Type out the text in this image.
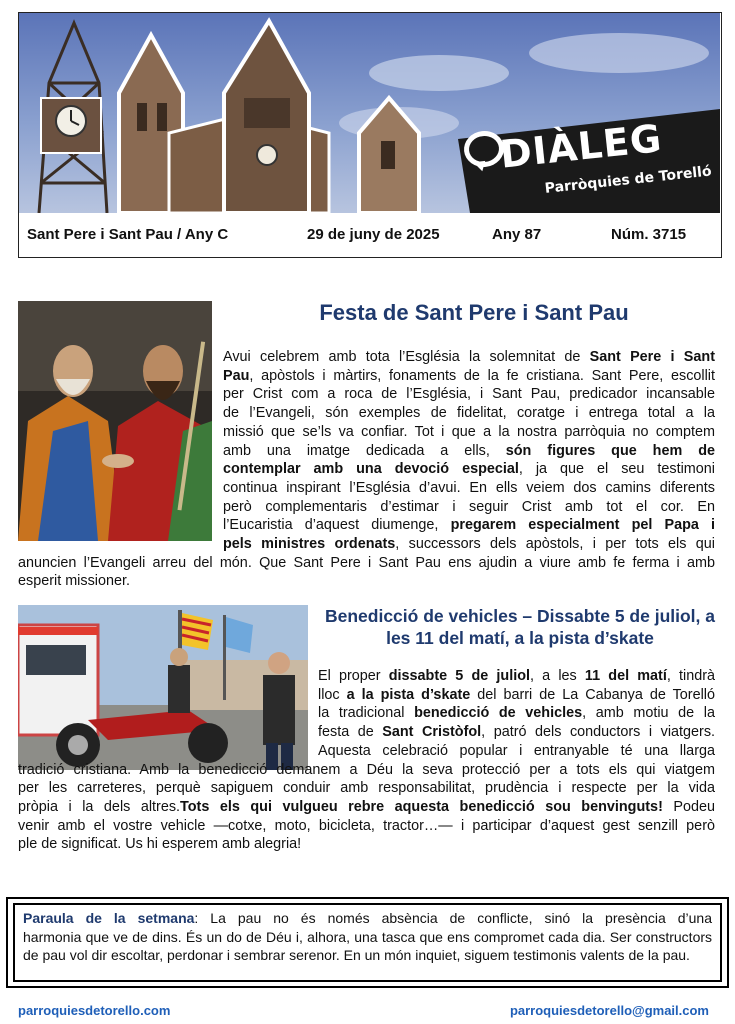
DIÀLEG
Parròquies de Torelló
Sant Pere i Sant Pau / Any C	29 de juny de 2025	Any 87	Núm. 3715
Festa de Sant Pere i Sant Pau
Avui celebrem amb tota l’Església la solemnitat de Sant Pere i Sant
Pau, apòstols i màrtirs, fonaments de la fe cristiana. Sant Pere, escollit
per Crist com a roca de l’Església, i Sant Pau, predicador incansable
de l’Evangeli, són exemples de fidelitat, coratge i entrega total a la
missió que se’ls va confiar. Tot i que a la nostra parròquia no comptem
amb una imatge dedicada a ells, són figures que hem de
contemplar amb una devoció especial, ja que el seu testimoni
continua inspirant l’Església d’avui. En ells veiem dos camins diferents
però complementaris d’estimar i seguir Crist amb tot el cor. En
l’Eucaristia d’aquest diumenge, pregarem especialment pel Papa i
pels ministres ordenats, successors dels apòstols, i per tots els qui
anuncien l’Evangeli arreu del món. Que Sant Pere i Sant Pau ens ajudin a viure amb fe ferma i amb
esperit missioner.
Benedicció de vehicles – Dissabte 5 de juliol, a les 11 del matí, a la pista d’skate
El proper dissabte 5 de juliol, a les 11 del matí, tindrà
lloc a la pista d’skate del barri de La Cabanya de Torelló
la tradicional benedicció de vehicles, amb motiu de la
festa de Sant Cristòfol, patró dels conductors i viatgers.
Aquesta celebració popular i entranyable té una llarga
tradició cristiana. Amb la benedicció demanem a Déu la seva protecció per a tots els qui viatgem
per les carreteres, perquè sapiguem conduir amb responsabilitat, prudència i respecte per la vida
pròpia i la dels altres.Tots els qui vulgueu rebre aquesta benedicció sou benvinguts! Podeu
venir amb el vostre vehicle —cotxe, moto, bicicleta, tractor…— i participar d’aquest gest senzill però
ple de significat. Us hi esperem amb alegria!
Paraula de la setmana: La pau no és només absència de conflicte, sinó la presència d’una
harmonia que ve de dins. És un do de Déu i, alhora, una tasca que ens compromet cada dia. Ser constructors de pau vol dir escoltar, perdonar i sembrar serenor. En un món inquiet, siguem testimonis valents de la pau.
parroquiesdetorello.com	parroquiesdetorello@gmail.com
